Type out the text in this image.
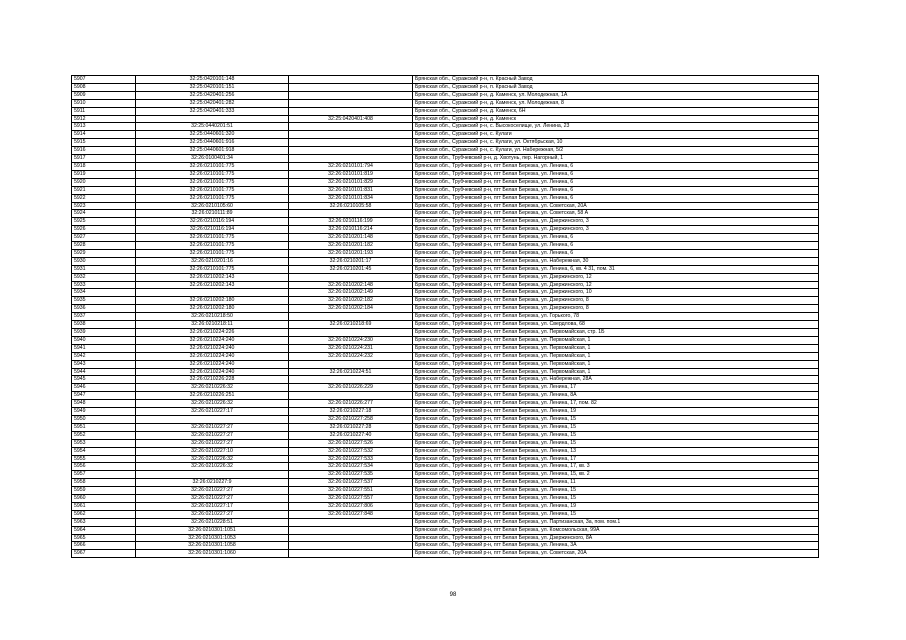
5907	32:25:0420101:148		Брянская обл., Суражский р-н, п. Красный Завод
5908	32:25:0420101:151		Брянская обл., Суражский р-н, п. Красный Завод
5909	32:25:0420401:256		Брянская обл., Суражский р-н, д. Каменск, ул. Молодежная, 1А
5910	32:25:0420401:282		Брянская обл., Суражский р-н, д. Каменск, ул. Молодежная, 8
5911	32:25:0420401:333		Брянская обл., Суражский р-н, д. Каменск, 6Н
5912		32:25:0420401:408	Брянская обл., Суражский р-н, д. Каменск
5913	32:25:0440201:51		Брянская обл., Суражский р-н, с. Высокоселище, ул. Ленина, 23
5914	32:25:0440601:320		Брянская обл., Суражский р-н, с. Кулаги
5915	32:25:0440601:916		Брянская обл., Суражский р-н, с. Кулаги, ул. Октябрьская, 10
5916	32:25:0440601:918		Брянская обл., Суражский р-н, с. Кулаги, ул. Набережная, 5/2
5917	32:26:0100401:34		Брянская обл., Трубчевский р-н, д. Хвотунь, пер. Нагорный, 1
5918	32:26:0210101:775	32:26:0210101:794	Брянская обл., Трубчевский р-н, пгт Белая Березка, ул. Ленина, 6
5919	32:26:0210101:775	32:26:0210101:819	Брянская обл., Трубчевский р-н, пгт Белая Березка, ул. Ленина, 6
5920	32:26:0210101:775	32:26:0210101:829	Брянская обл., Трубчевский р-н, пгт Белая Березка, ул. Ленина, 6
5921	32:26:0210101:775	32:26:0210101:831	Брянская обл., Трубчевский р-н, пгт Белая Березка, ул. Ленина, 6
5922	32:26:0210101:775	32:26:0210101:834	Брянская обл., Трубчевский р-н, пгт Белая Березка, ул. Ленина, 6
5923	32:26:0210105:60	32:26:0210105:58	Брянская обл., Трубчевский р-н, пгт Белая Березка, ул. Советская, 20А
5924	32:26:0210111:89		Брянская обл., Трубчевский р-н, пгт Белая Березка, ул. Советская, 58 А
5925	32:26:0210116:194	32:26:0210116:199	Брянская обл., Трубчевский р-н, пгт Белая Березка, ул. Дзержинского, 3
5926	32:26:0210116:194	32:26:0210116:214	Брянская обл., Трубчевский р-н, пгт Белая Березка, ул. Дзержинского, 3
5927	32:26:0210101:775	32:26:0210201:148	Брянская обл., Трубчевский р-н, пгт Белая Березка, ул. Ленина, 6
5928	32:26:0210101:775	32:26:0210201:182	Брянская обл., Трубчевский р-н, пгт Белая Березка, ул. Ленина, 6
5929	32:26:0210101:775	32:26:0210201:193	Брянская обл., Трубчевский р-н, пгт Белая Березка, ул. Ленина, 6
5930	32:26:0210201:16	32:26:0210201:17	Брянская обл., Трубчевский р-н, пгт Белая Березка, ул. Набережная, 30
5931	32:26:0210101:775	32:26:0210201:45	Брянская обл., Трубчевский р-н, пгт Белая Березка, ул. Ленина, 6, кв. 4 31, пом. 31
5932	32:26:0210202:143		Брянская обл., Трубчевский р-н, пгт Белая Березка, ул. Дзержинского, 12
5933	32:26:0210202:143	32:26:0210202:148	Брянская обл., Трубчевский р-н, пгт Белая Березка, ул. Дзержинского, 12
5934		32:26:0210202:149	Брянская обл., Трубчевский р-н, пгт Белая Березка, ул. Дзержинского, 10
5935	32:26:0210202:180	32:26:0210202:182	Брянская обл., Трубчевский р-н, пгт Белая Березка, ул. Дзержинского, 8
5936	32:26:0210202:180	32:26:0210202:184	Брянская обл., Трубчевский р-н, пгт Белая Березка, ул. Дзержинского, 8
5937	32:26:0210218:50		Брянская обл., Трубчевский р-н, пгт Белая Березка, ул. Горького, 78
5938	32:26:0210218:11	32:26:0210218:69	Брянская обл., Трубчевский р-н, пгт Белая Березка, ул. Свердлова, 68
5939	32:26:0210224:226		Брянская обл., Трубчевский р-н, пгт Белая Березка, ул. Первомайская, стр. 1Б
5940	32:26:0210224:240	32:26:0210224:230	Брянская обл., Трубчевский р-н, пгт Белая Березка, ул. Первомайская, 1
5941	32:26:0210224:240	32:26:0210224:231	Брянская обл., Трубчевский р-н, пгт Белая Березка, ул. Первомайская, 1
5942	32:26:0210224:240	32:26:0210224:232	Брянская обл., Трубчевский р-н, пгт Белая Березка, ул. Первомайская, 1
5943	32:26:0210224:240		Брянская обл., Трубчевский р-н, пгт Белая Березка, ул. Первомайская, 1
5944	32:26:0210224:240	32:26:0210224:51	Брянская обл., Трубчевский р-н, пгт Белая Березка, ул. Первомайская, 1
5945	32:26:0210226:228		Брянская обл., Трубчевский р-н, пгт Белая Березка, ул. Набережная, 28А
5946	32:26:0210226:32	32:26:0210226:229	Брянская обл., Трубчевский р-н, пгт Белая Березка, ул. Ленина, 17
5947	32:26:0210226:251		Брянская обл., Трубчевский р-н, пгт Белая Березка, ул. Ленина, 8А
5948	32:26:0210226:32	32:26:0210226:277	Брянская обл., Трубчевский р-н, пгт Белая Березка, ул. Ленина, 17, пом. 82
5949	32:26:0210227:17	32:26:0210227:18	Брянская обл., Трубчевский р-н, пгт Белая Березка, ул. Ленина, 19
5950		32:26:0210227:258	Брянская обл., Трубчевский р-н, пгт Белая Березка, ул. Ленина, 15
5951	32:26:0210227:27	32:26:0210227:28	Брянская обл., Трубчевский р-н, пгт Белая Березка, ул. Ленина, 15
5952	32:26:0210227:27	32:26:0210227:40	Брянская обл., Трубчевский р-н, пгт Белая Березка, ул. Ленина, 15
5953	32:26:0210227:27	32:26:0210227:526	Брянская обл., Трубчевский р-н, пгт Белая Березка, ул. Ленина, 15
5954	32:26:0210227:10	32:26:0210227:532	Брянская обл., Трубчевский р-н, пгт Белая Березка, ул. Ленина, 13
5955	32:26:0210226:32	32:26:0210227:533	Брянская обл., Трубчевский р-н, пгт Белая Березка, ул. Ленина, 17
5956	32:26:0210226:32	32:26:0210227:534	Брянская обл., Трубчевский р-н, пгт Белая Березка, ул. Ленина, 17, кв. 3
5957		32:26:0210227:535	Брянская обл., Трубчевский р-н, пгт Белая Березка, ул. Ленина, 15, кв. 2
5958	32:26:0210227:9	32:26:0210227:537	Брянская обл., Трубчевский р-н, пгт Белая Березка, ул. Ленина, 11
5959	32:26:0210227:27	32:26:0210227:551	Брянская обл., Трубчевский р-н, пгт Белая Березка, ул. Ленина, 15
5960	32:26:0210227:27	32:26:0210227:557	Брянская обл., Трубчевский р-н, пгт Белая Березка, ул. Ленина, 15
5961	32:26:0210227:17	32:26:0210227:806	Брянская обл., Трубчевский р-н, пгт Белая Березка, ул. Ленина, 19
5962	32:26:0210227:27	32:26:0210227:848	Брянская обл., Трубчевский р-н, пгт Белая Березка, ул. Ленина, 15
5963	32:26:0210228:51		Брянская обл., Трубчевский р-н, пгт Белая Березка, ул. Партизанская, 3а, пом. пом.1
5964	32:26:0210301:1051		Брянская обл., Трубчевский р-н, пгт Белая Березка, ул. Комсомольская, 99А
5965	32:26:0210301:1053		Брянская обл., Трубчевский р-н, пгт Белая Березка, ул. Дзержинского, 8А
5966	32:26:0210301:1058		Брянская обл., Трубчевский р-н, пгт Белая Березка, ул. Ленина, 3А
5967	32:26:0210301:1060		Брянская обл., Трубчевский р-н, пгт Белая Березка, ул. Советская, 20А
98
